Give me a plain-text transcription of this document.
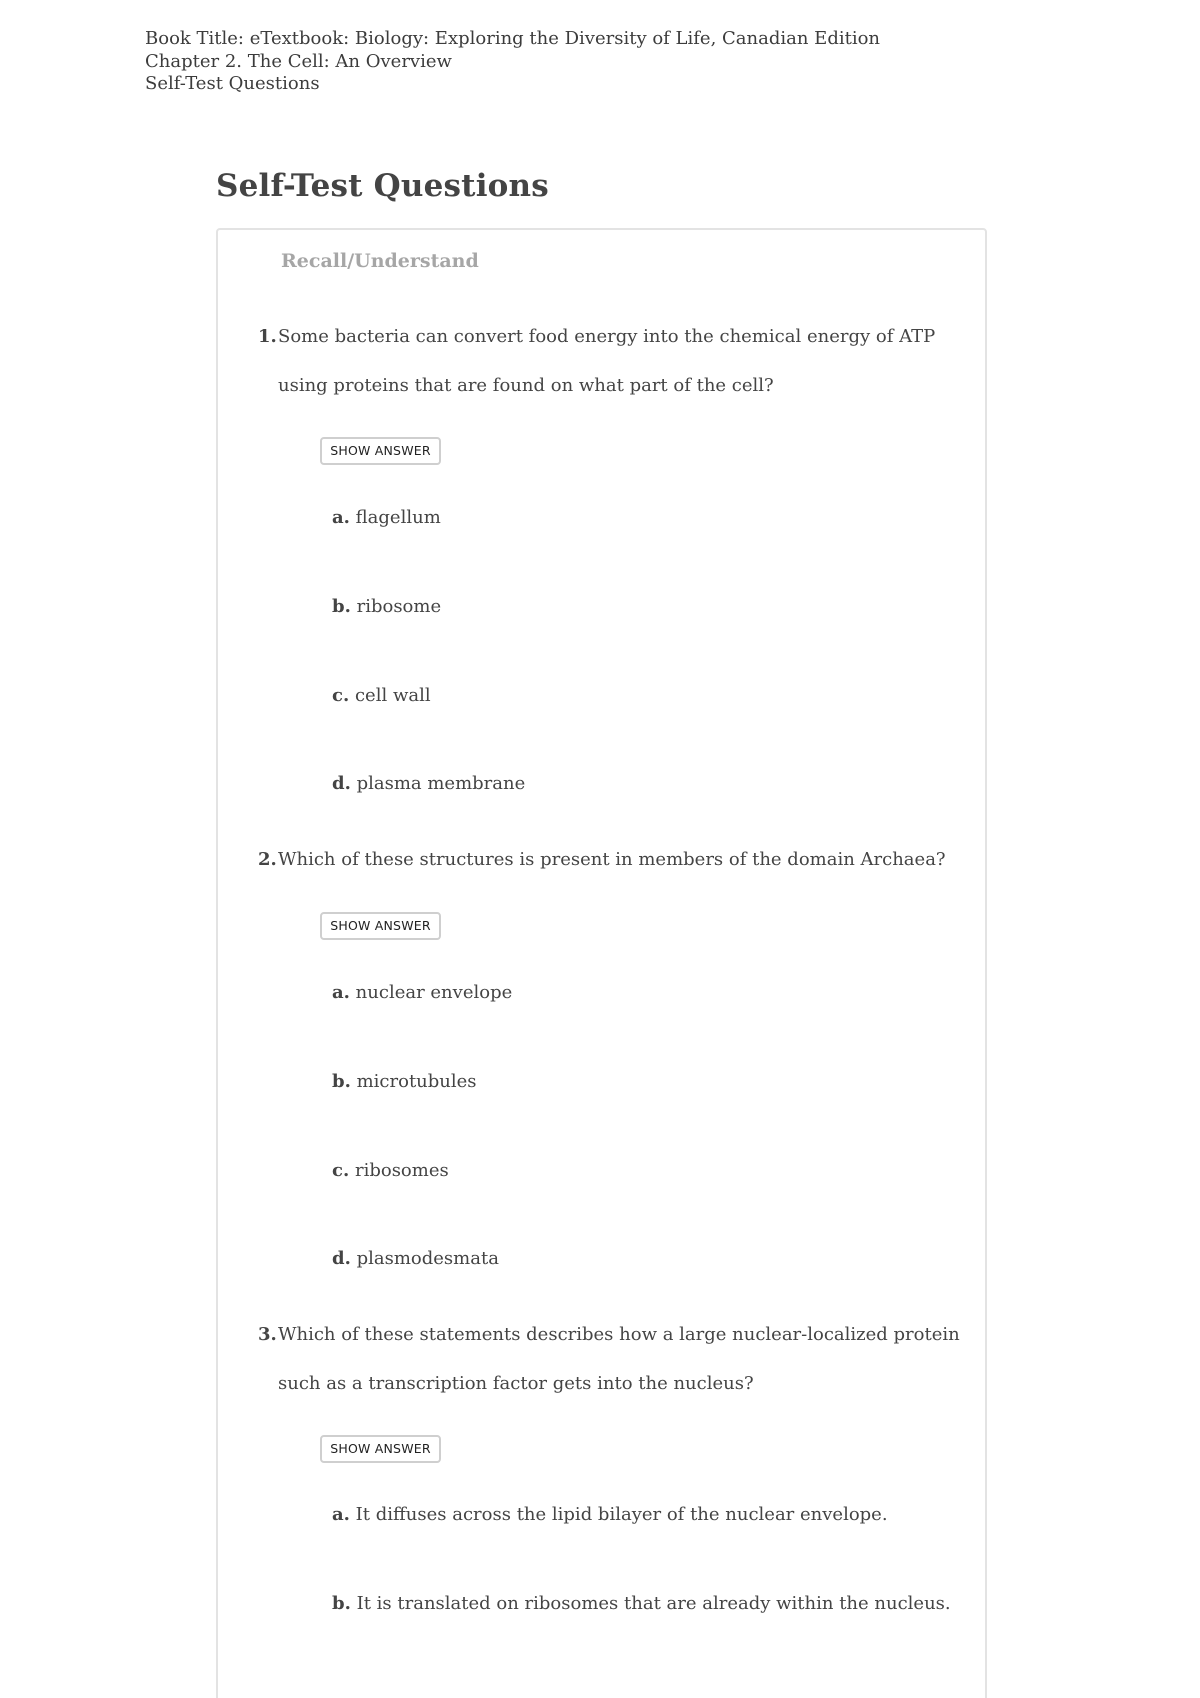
Book Title: eTextbook: Biology: Exploring the Diversity of Life, Canadian Edition
Chapter 2. The Cell: An Overview
Self-Test Questions
Self-Test Questions
Recall/Understand
1. Some bacteria can convert food energy into the chemical energy of ATP using proteins that are found on what part of the cell?
SHOW ANSWER
a. flagellum
b. ribosome
c. cell wall
d. plasma membrane
2. Which of these structures is present in members of the domain Archaea?
SHOW ANSWER
a. nuclear envelope
b. microtubules
c. ribosomes
d. plasmodesmata
3. Which of these statements describes how a large nuclear-localized protein such as a transcription factor gets into the nucleus?
SHOW ANSWER
a. It diffuses across the lipid bilayer of the nuclear envelope.
b. It is translated on ribosomes that are already within the nucleus.
